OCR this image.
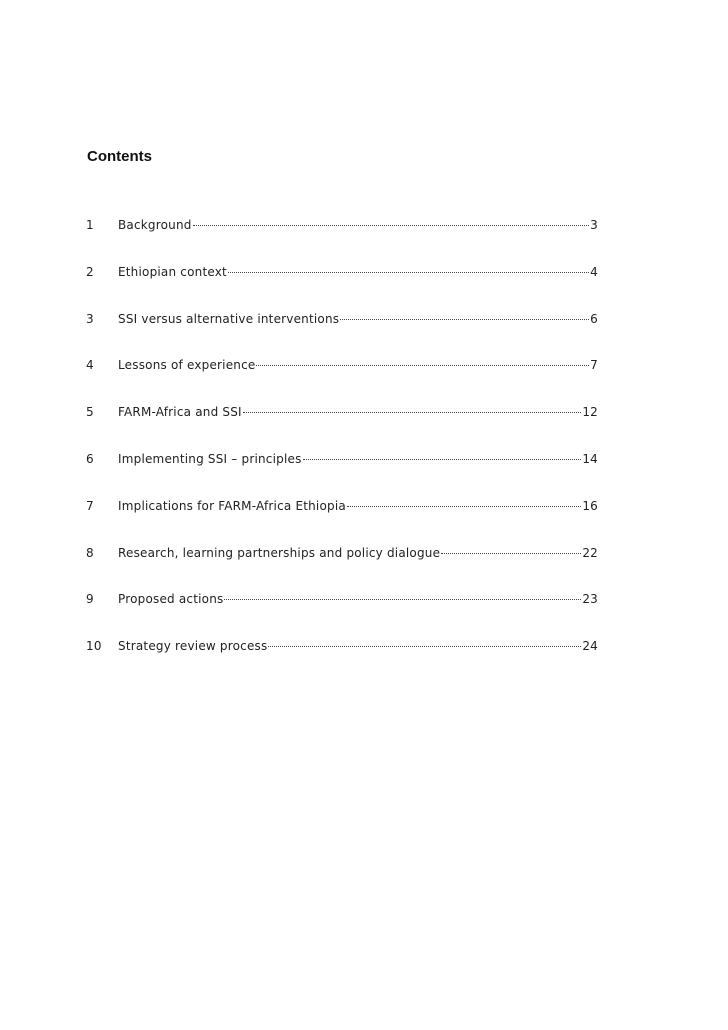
Contents
1	Background	3
2	Ethiopian context	4
3	SSI versus alternative interventions	6
4	Lessons of experience	7
5	FARM-Africa and SSI	12
6	Implementing SSI – principles	14
7	Implications for FARM-Africa Ethiopia	16
8	Research, learning partnerships and policy dialogue	22
9	Proposed actions	23
10	Strategy review process	24
